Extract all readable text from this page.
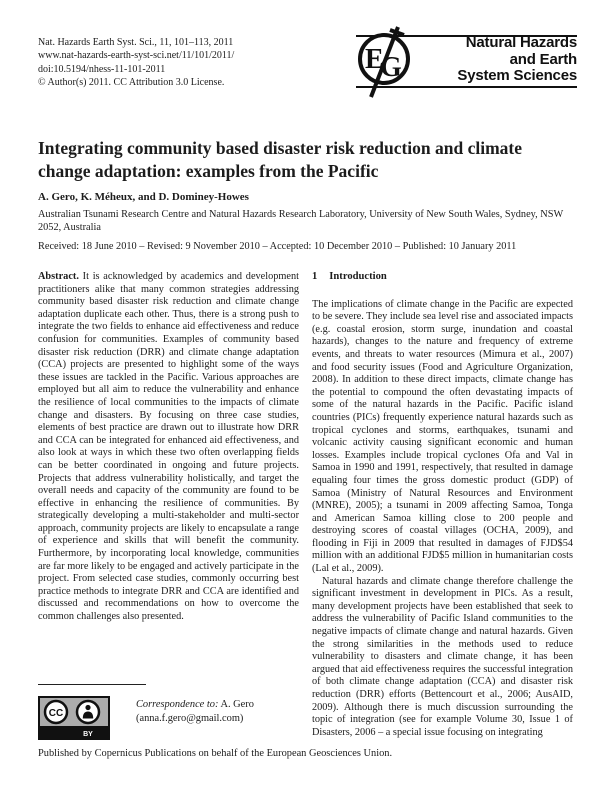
Nat. Hazards Earth Syst. Sci., 11, 101–113, 2011
www.nat-hazards-earth-syst-sci.net/11/101/2011/
doi:10.5194/nhess-11-101-2011
© Author(s) 2011. CC Attribution 3.0 License.
E
G
Natural Hazards
and Earth
System Sciences
Integrating community based disaster risk reduction and climate change adaptation: examples from the Pacific
A. Gero, K. Méheux, and D. Dominey-Howes
Australian Tsunami Research Centre and Natural Hazards Research Laboratory, University of New South Wales, Sydney, NSW 2052, Australia
Received: 18 June 2010 – Revised: 9 November 2010 – Accepted: 10 December 2010 – Published: 10 January 2011

Abstract. It is acknowledged by academics and development practitioners alike that many common strategies addressing community based disaster risk reduction and climate change adaptation duplicate each other. Thus, there is a strong push to integrate the two fields to enhance aid effectiveness and reduce confusion for communities. Examples of community based disaster risk reduction (DRR) and climate change adaptation (CCA) projects are presented to highlight some of the ways these issues are tackled in the Pacific. Various approaches are employed but all aim to reduce the vulnerability and enhance the resilience of local communities to the impacts of climate change and disasters. By focusing on three case studies, elements of best practice are drawn out to illustrate how DRR and CCA can be integrated for enhanced aid effectiveness, and also look at ways in which these two often overlapping fields can be better coordinated in ongoing and future projects. Projects that address vulnerability holistically, and target the overall needs and capacity of the community are found to be effective in enhancing the resilience of communities. By strategically developing a multi-stakeholder and multi-sector approach, community projects are likely to encapsulate a range of experience and skills that will benefit the community. Furthermore, by incorporating local knowledge, communities are far more likely to be engaged and actively participate in the project. From selected case studies, commonly occurring best practice methods to integrate DRR and CCA are identified and discussed and recommendations on how to overcome the common challenges also presented.

1 Introduction

The implications of climate change in the Pacific are expected to be severe. They include sea level rise and associated impacts (e.g. coastal erosion, storm surge, inundation and coastal hazards), changes to the nature and frequency of extreme events, and threats to water resources (Mimura et al., 2007) and food security issues (Food and Agriculture Organization, 2008). In addition to these direct impacts, climate change has the potential to compound the often devastating impacts of some of the natural hazards in the Pacific. Pacific island countries (PICs) frequently experience natural hazards such as tropical cyclones and storms, earthquakes, tsunami and volcanic activity causing significant economic and human losses. Examples include tropical cyclones Ofa and Val in Samoa in 1990 and 1991, respectively, that resulted in damage equaling four times the gross domestic product (GDP) of Samoa (Ministry of Natural Resources and Environment (MNRE), 2005); a tsunami in 2009 affecting Samoa, Tonga and American Samoa killing close to 200 people and destroying scores of coastal villages (OCHA, 2009), and flooding in Fiji in 2009 that resulted in damages of FJD$54 million with an additional FJD$5 million in humanitarian costs (Lal et al., 2009).

Natural hazards and climate change therefore challenge the significant investment in development in PICs. As a result, many development projects have been established that seek to address the vulnerability of Pacific Island communities to the negative impacts of climate change and natural hazards. Given the strong similarities in the methods used to reduce vulnerability to disasters and climate change, it has been argued that aid effectiveness requires the successful integration of both climate change adaptation (CCA) and disaster risk reduction (DRR) efforts (Bettencourt et al., 2006; AusAID, 2009). Although there is much discussion surrounding the topic of integration (see for example Volume 30, Issue 1 of Disasters, 2006 – a special issue focusing on integrating

CC
BY
Correspondence to: A. Gero
(anna.f.gero@gmail.com)
Published by Copernicus Publications on behalf of the European Geosciences Union.
